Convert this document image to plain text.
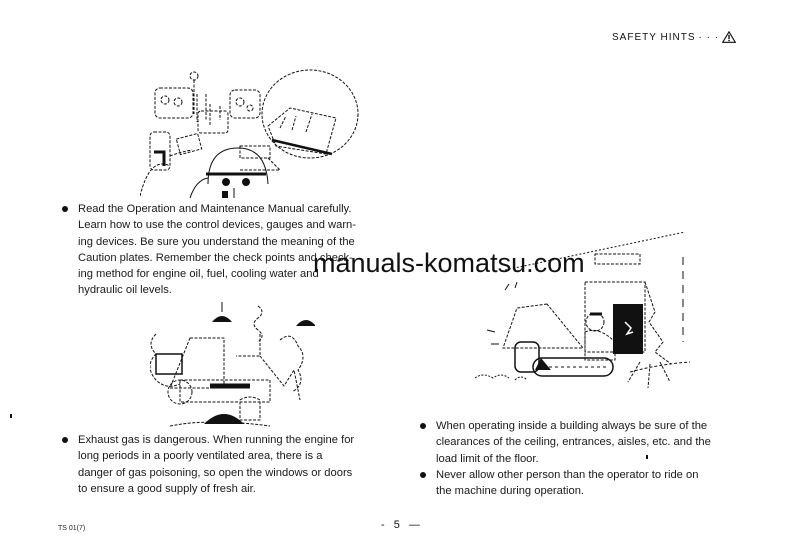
SAFETY HINTS · · ·
Read the Operation and Maintenance Manual carefully.
Learn how to use the control devices, gauges and warn-
ing devices. Be sure you understand the meaning of the
Caution plates. Remember the check points and check-
ing method for engine oil, fuel, cooling water and
hydraulic oil levels.
Exhaust gas is dangerous. When running the engine for
long periods in a poorly ventilated area, there is a
danger of gas poisoning, so open the windows or doors
to ensure a good supply of fresh air.
When operating inside a building always be sure of the
clearances of the ceiling, entrances, aisles, etc. and the
load limit of the floor.
Never allow other person than the operator to ride on
the machine during operation.
manuals-komatsu.com
TS 01(7)	- 5 —
